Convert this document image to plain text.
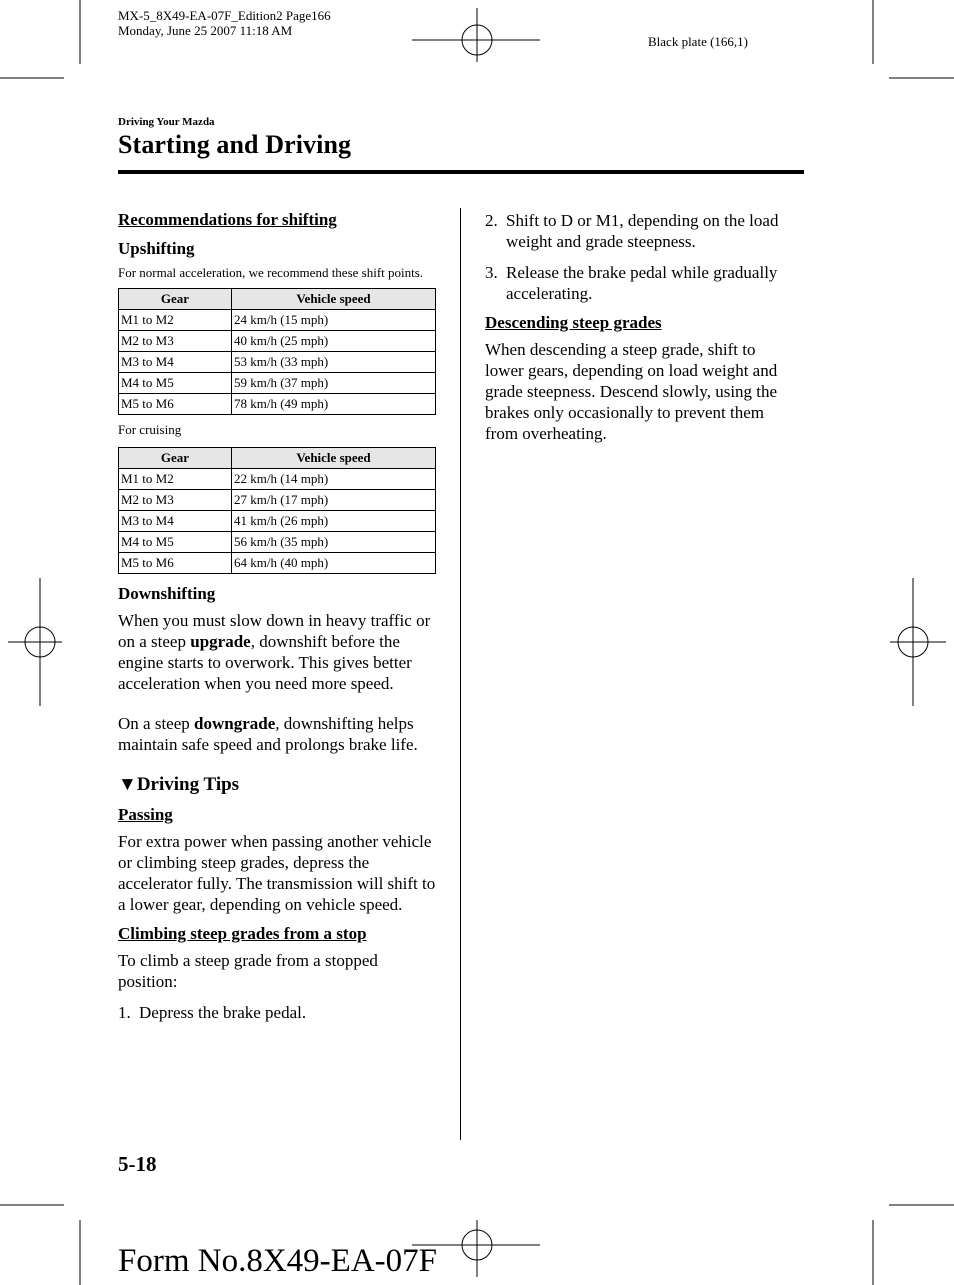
MX-5_8X49-EA-07F_Edition2 Page166
Monday, June 25 2007 11:18 AM
Black plate (166,1)
Driving Your Mazda
Starting and Driving
Recommendations for shifting
Upshifting
For normal acceleration, we recommend these shift points.
Gear	Vehicle speed
M1 to M2	24 km/h (15 mph)
M2 to M3	40 km/h (25 mph)
M3 to M4	53 km/h (33 mph)
M4 to M5	59 km/h (37 mph)
M5 to M6	78 km/h (49 mph)
For cruising
Gear	Vehicle speed
M1 to M2	22 km/h (14 mph)
M2 to M3	27 km/h (17 mph)
M3 to M4	41 km/h (26 mph)
M4 to M5	56 km/h (35 mph)
M5 to M6	64 km/h (40 mph)
Downshifting
When you must slow down in heavy traffic or on a steep upgrade, downshift before the engine starts to overwork. This gives better acceleration when you need more speed.
On a steep downgrade, downshifting helps maintain safe speed and prolongs brake life.
▼Driving Tips
Passing
For extra power when passing another vehicle or climbing steep grades, depress the accelerator fully. The transmission will shift to a lower gear, depending on vehicle speed.
Climbing steep grades from a stop
To climb a steep grade from a stopped position:
1. Depress the brake pedal.
2. Shift to D or M1, depending on the load weight and grade steepness.
3. Release the brake pedal while gradually accelerating.
Descending steep grades
When descending a steep grade, shift to lower gears, depending on load weight and grade steepness. Descend slowly, using the brakes only occasionally to prevent them from overheating.
5-18
Form No.8X49-EA-07F
